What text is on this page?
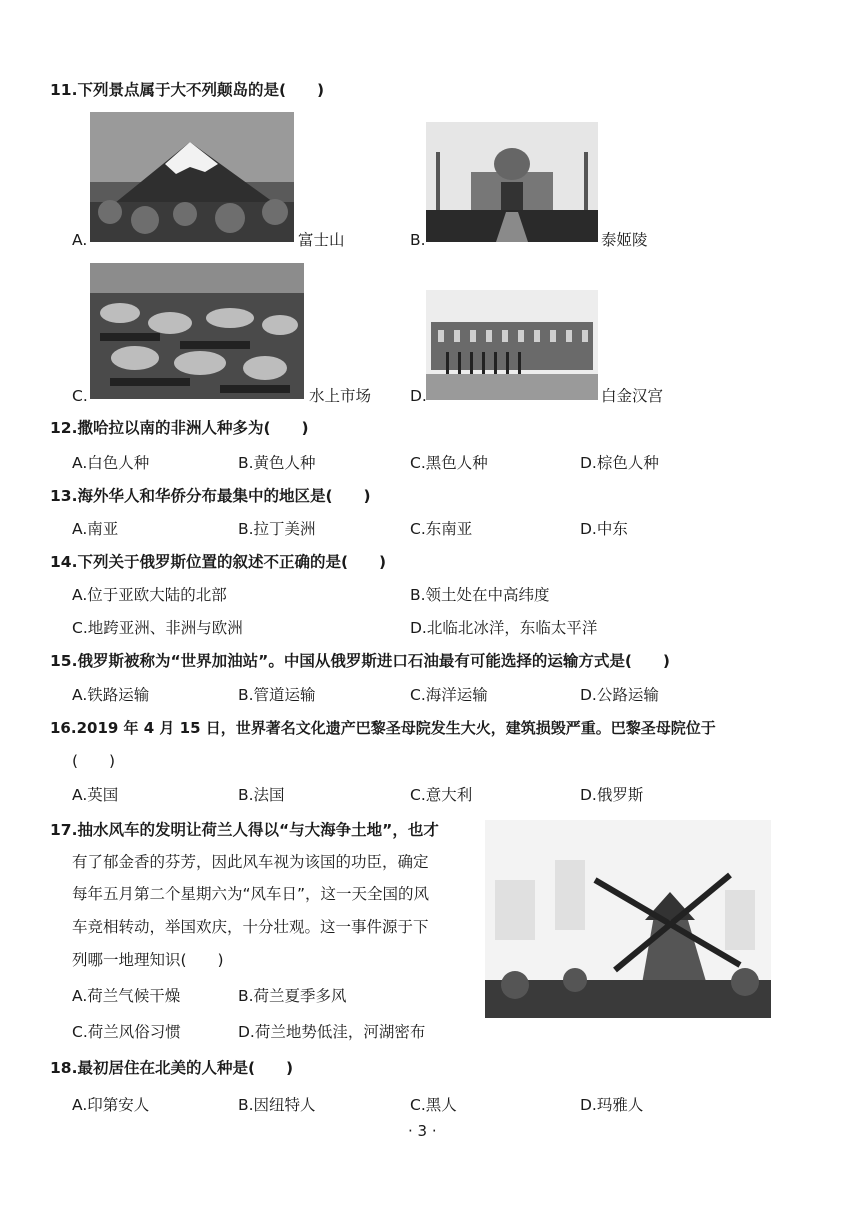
11.下列景点属于大不列颠岛的是(　　)
A.	富士山	B.	泰姬陵
C.	水上市场	D.	白金汉宫
12.撒哈拉以南的非洲人种多为(　　)
A.白色人种	B.黄色人种	C.黑色人种	D.棕色人种
13.海外华人和华侨分布最集中的地区是(　　)
A.南亚	B.拉丁美洲	C.东南亚	D.中东
14.下列关于俄罗斯位置的叙述不正确的是(　　)
A.位于亚欧大陆的北部	B.领土处在中高纬度
C.地跨亚洲、非洲与欧洲	D.北临北冰洋，东临太平洋
15.俄罗斯被称为“世界加油站”。中国从俄罗斯进口石油最有可能选择的运输方式是(　　)
A.铁路运输	B.管道运输	C.海洋运输	D.公路运输
16.2019 年 4 月 15 日，世界著名文化遗产巴黎圣母院发生大火，建筑损毁严重。巴黎圣母院位于
(　　)
A.英国	B.法国	C.意大利	D.俄罗斯
17.抽水风车的发明让荷兰人得以“与大海争土地”，也才
有了郁金香的芬芳，因此风车视为该国的功臣，确定
每年五月第二个星期六为“风车日”，这一天全国的风
车竞相转动，举国欢庆，十分壮观。这一事件源于下
列哪一地理知识(　　)
A.荷兰气候干燥	B.荷兰夏季多风
C.荷兰风俗习惯	D.荷兰地势低洼，河湖密布
18.最初居住在北美的人种是(　　)
A.印第安人	B.因纽特人	C.黑人	D.玛雅人
· 3 ·
